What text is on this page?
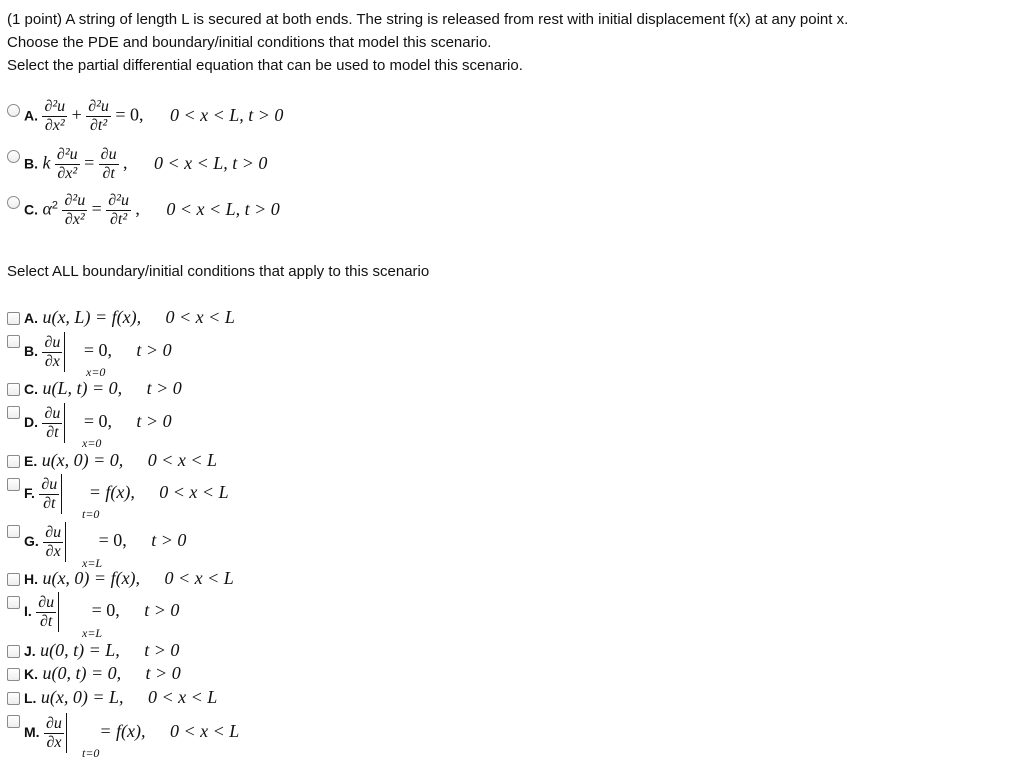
(1 point) A string of length L is secured at both ends. The string is released from rest with initial displacement f(x) at any point x.
Choose the PDE and boundary/initial conditions that model this scenario.
Select the partial differential equation that can be used to model this scenario.
A. $\frac{\text{∂²u}}{\text{∂x²}} + \frac{\text{∂²u}}{\text{∂t²}} = 0$, 0 < x < L, t > 0
B. k $\frac{\text{∂²u}}{\text{∂x²}} = \frac{\partial u}{\partial t}$ , 0 < x < L, t > 0
C. $\alpha^2 \frac{\text{∂²u}}{\text{∂x²}} = \frac{\text{∂²u}}{\text{∂t²}}$ , 0 < x < L, t > 0
Select ALL boundary/initial conditions that apply to this scenario
A. u(x, L) = f(x), 0 < x < L
B. $\frac{\partial u}{\partial x} = 0$, t > 0
x=0
C. u(L, t) = 0, t > 0
D. $\frac{\partial u}{\partial t} = 0$, t > 0
x=0
E. u(x, 0) = 0, 0 < x < L
F. $\frac{\partial u}{\partial t} = f(x)$, 0 < x < L
t=0
G. $\frac{\partial u}{\partial x} = 0$, t > 0
x=L
H. u(x, 0) = f(x), 0 < x < L
I. $\frac{\partial u}{\partial t} = 0$, t > 0
x=L
J. u(0, t) = L, t > 0
K. u(0, t) = 0, t > 0
L. u(x, 0) = L, 0 < x < L
M. $\frac{\partial u}{\partial x} = f(x)$, 0 < x < L
t=0
